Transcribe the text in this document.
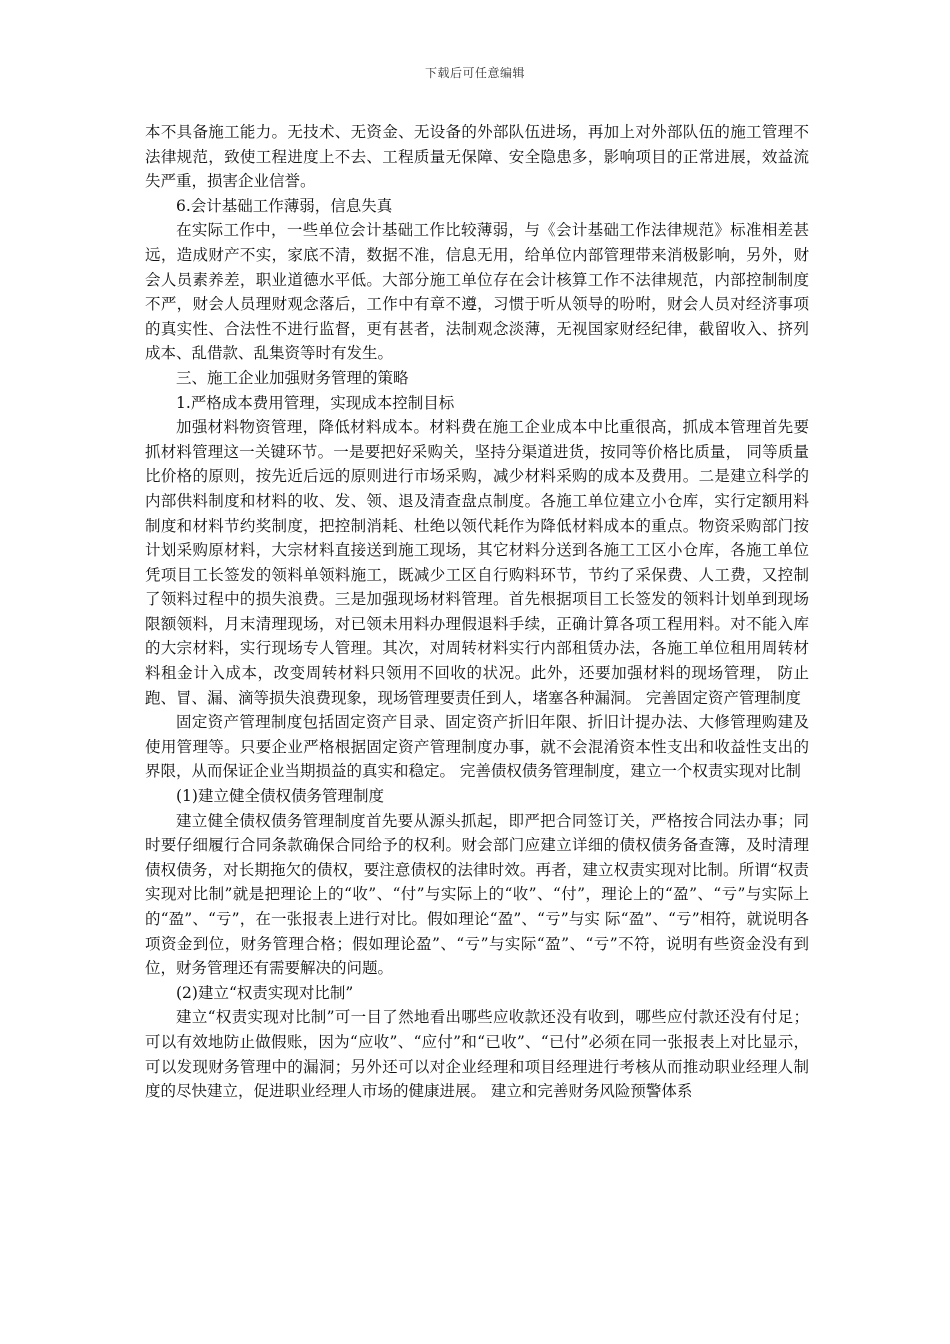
下载后可任意编辑

本不具备施工能力。无技术、无资金、无设备的外部队伍进场，再加上对外部队伍的施工管理不法律规范，致使工程进度上不去、工程质量无保障、安全隐患多，影响项目的正常进展，效益流失严重，损害企业信誉。

6.会计基础工作薄弱，信息失真

在实际工作中，一些单位会计基础工作比较薄弱，与《会计基础工作法律规范》标准相差甚远，造成财产不实，家底不清，数据不准，信息无用，给单位内部管理带来消极影响，另外，财会人员素养差，职业道德水平低。大部分施工单位存在会计核算工作不法律规范，内部控制制度不严，财会人员理财观念落后，工作中有章不遵，习惯于听从领导的吩咐，财会人员对经济事项的真实性、合法性不进行监督，更有甚者，法制观念淡薄，无视国家财经纪律，截留收入、挤列成本、乱借款、乱集资等时有发生。

三、施工企业加强财务管理的策略

1.严格成本费用管理，实现成本控制目标

加强材料物资管理，降低材料成本。材料费在施工企业成本中比重很高，抓成本管理首先要抓材料管理这一关键环节。一是要把好采购关，坚持分渠道进货，按同等价格比质量， 同等质量比价格的原则，按先近后远的原则进行市场采购，减少材料采购的成本及费用。二是建立科学的内部供料制度和材料的收、发、领、退及清查盘点制度。各施工单位建立小仓库，实行定额用料制度和材料节约奖制度，把控制消耗、杜绝以领代耗作为降低材料成本的重点。物资采购部门按计划采购原材料，大宗材料直接送到施工现场，其它材料分送到各施工工区小仓库，各施工单位凭项目工长签发的领料单领料施工，既减少工区自行购料环节，节约了采保费、人工费，又控制了领料过程中的损失浪费。三是加强现场材料管理。首先根据项目工长签发的领料计划单到现场限额领料，月末清理现场，对已领未用料办理假退料手续，正确计算各项工程用料。对不能入库的大宗材料，实行现场专人管理。其次，对周转材料实行内部租赁办法，各施工单位租用周转材料租金计入成本，改变周转材料只领用不回收的状况。此外，还要加强材料的现场管理， 防止跑、冒、漏、滴等损失浪费现象，现场管理要责任到人，堵塞各种漏洞。 完善固定资产管理制度

固定资产管理制度包括固定资产目录、固定资产折旧年限、折旧计提办法、大修管理购建及使用管理等。只要企业严格根据固定资产管理制度办事，就不会混淆资本性支出和收益性支出的界限，从而保证企业当期损益的真实和稳定。 完善债权债务管理制度，建立一个权责实现对比制

(1)建立健全债权债务管理制度

建立健全债权债务管理制度首先要从源头抓起，即严把合同签订关，严格按合同法办事；同时要仔细履行合同条款确保合同给予的权利。财会部门应建立详细的债权债务备查簿，及时清理债权债务，对长期拖欠的债权，要注意债权的法律时效。再者，建立权责实现对比制。所谓“权责实现对比制”就是把理论上的“收”、“付”与实际上的“收”、“付”，理论上的“盈”、“亏”与实际上的“盈”、“亏”，在一张报表上进行对比。假如理论“盈”、“亏”与实 际“盈”、“亏”相符，就说明各项资金到位，财务管理合格；假如理论盈”、“亏”与实际“盈”、“亏”不符，说明有些资金没有到位，财务管理还有需要解决的问题。

(2)建立“权责实现对比制”

建立“权责实现对比制”可一目了然地看出哪些应收款还没有收到，哪些应付款还没有付足；可以有效地防止做假账，因为“应收”、“应付”和“已收”、“已付”必须在同一张报表上对比显示，可以发现财务管理中的漏洞；另外还可以对企业经理和项目经理进行考核从而推动职业经理人制度的尽快建立，促进职业经理人市场的健康进展。 建立和完善财务风险预警体系
